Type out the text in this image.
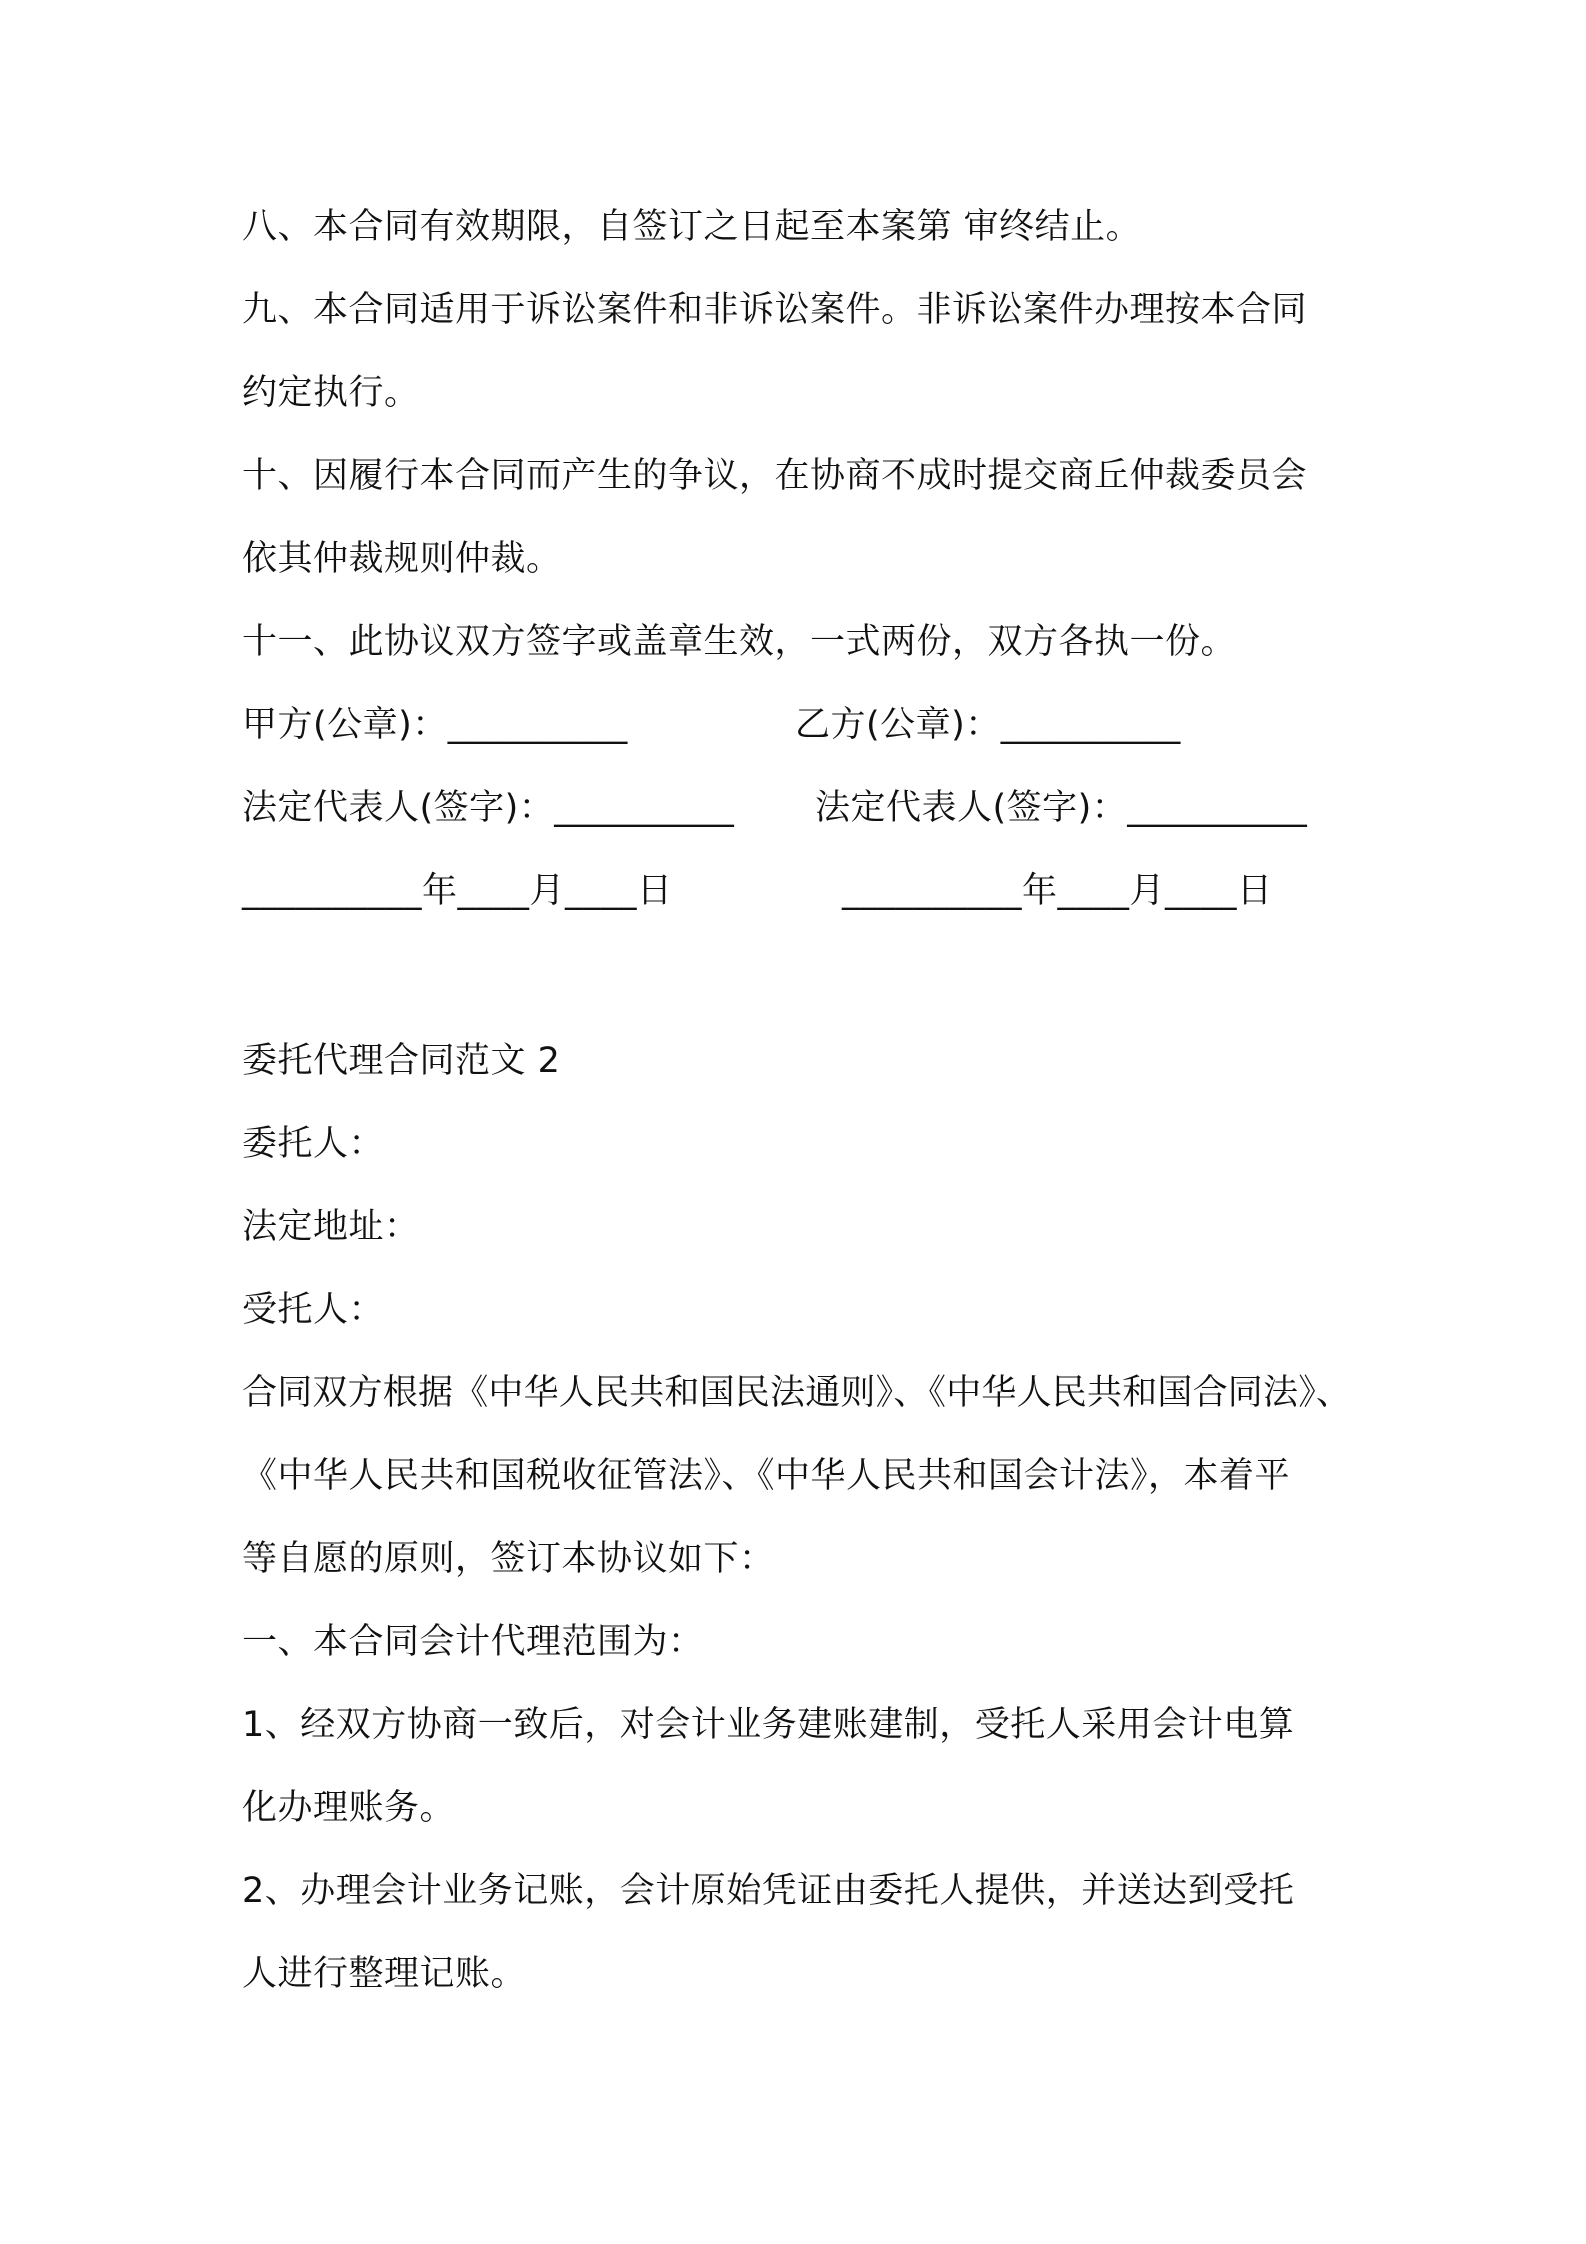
八、本合同有效期限，自签订之日起至本案第 审终结止。
九、本合同适用于诉讼案件和非诉讼案件。非诉讼案件办理按本合同
约定执行。
十、因履行本合同而产生的争议，在协商不成时提交商丘仲裁委员会
依其仲裁规则仲裁。
十一、此协议双方签字或盖章生效，一式两份，双方各执一份。
甲方(公章)：__________	乙方(公章)：__________
法定代表人(签字)：__________ 法定代表人(签字)：__________
__________年____月____日	__________年____月____日
委托代理合同范文 2
委托人：
法定地址：
受托人：
合同双方根据《中华人民共和国民法通则》、《中华人民共和国合同法》、
《中华人民共和国税收征管法》、《中华人民共和国会计法》，本着平
等自愿的原则，签订本协议如下：
一、本合同会计代理范围为：
1、经双方协商一致后，对会计业务建账建制，受托人采用会计电算
化办理账务。
2、办理会计业务记账，会计原始凭证由委托人提供，并送达到受托
人进行整理记账。
